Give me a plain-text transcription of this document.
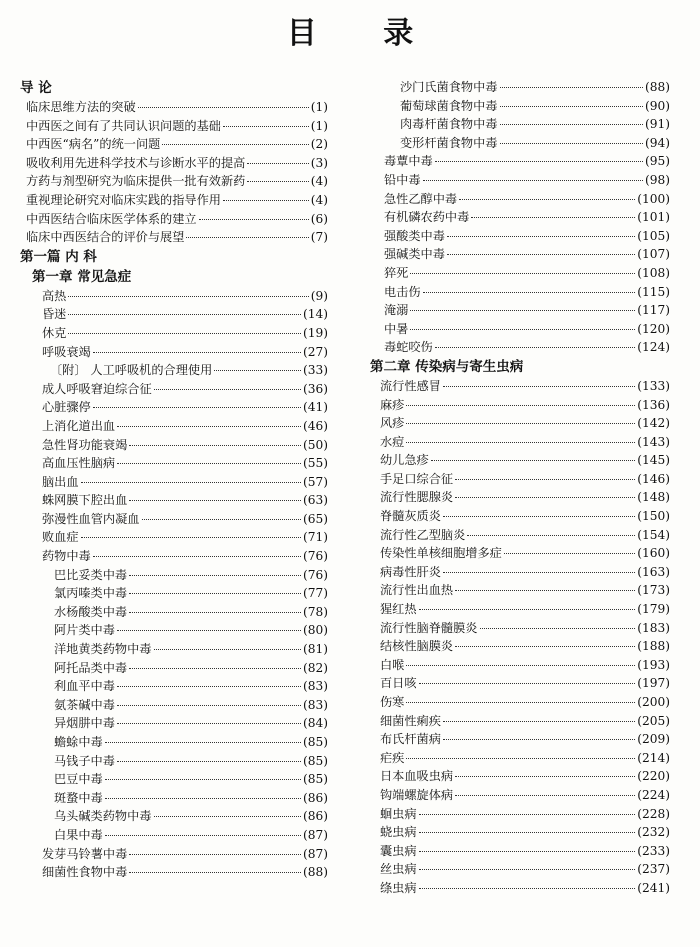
目 录
导 论
临床思维方法的突破	(1)
中西医之间有了共同认识问题的基础	(1)
中西医“病名”的统一问题	(2)
吸收利用先进科学技术与诊断水平的提高	(3)
方药与剂型研究为临床提供一批有效新药	(4)
重视理论研究对临床实践的指导作用	(4)
中西医结合临床医学体系的建立	(6)
临床中西医结合的评价与展望	(7)
第一篇 内 科
第一章 常见急症
高热	(9)
昏迷	(14)
休克	(19)
呼吸衰竭	(27)
〔附〕 人工呼吸机的合理使用	(33)
成人呼吸窘迫综合征	(36)
心脏骤停	(41)
上消化道出血	(46)
急性肾功能衰竭	(50)
高血压性脑病	(55)
脑出血	(57)
蛛网膜下腔出血	(63)
弥漫性血管内凝血	(65)
败血症	(71)
药物中毒	(76)
巴比妥类中毒	(76)
氯丙嗪类中毒	(77)
水杨酸类中毒	(78)
阿片类中毒	(80)
洋地黄类药物中毒	(81)
阿托品类中毒	(82)
利血平中毒	(83)
氨茶碱中毒	(83)
异烟肼中毒	(84)
蟾蜍中毒	(85)
马钱子中毒	(85)
巴豆中毒	(85)
斑蝥中毒	(86)
乌头碱类药物中毒	(86)
白果中毒	(87)
发芽马铃薯中毒	(87)
细菌性食物中毒	(88)
沙门氏菌食物中毒	(88)
葡萄球菌食物中毒	(90)
肉毒杆菌食物中毒	(91)
变形杆菌食物中毒	(94)
毒蕈中毒	(95)
铅中毒	(98)
急性乙醇中毒	(100)
有机磷农药中毒	(101)
强酸类中毒	(105)
强碱类中毒	(107)
猝死	(108)
电击伤	(115)
淹溺	(117)
中暑	(120)
毒蛇咬伤	(124)
第二章 传染病与寄生虫病
流行性感冒	(133)
麻疹	(136)
风疹	(142)
水痘	(143)
幼儿急疹	(145)
手足口综合征	(146)
流行性腮腺炎	(148)
脊髓灰质炎	(150)
流行性乙型脑炎	(154)
传染性单核细胞增多症	(160)
病毒性肝炎	(163)
流行性出血热	(173)
猩红热	(179)
流行性脑脊髓膜炎	(183)
结核性脑膜炎	(188)
白喉	(193)
百日咳	(197)
伤寒	(200)
细菌性痢疾	(205)
布氏杆菌病	(209)
疟疾	(214)
日本血吸虫病	(220)
钩端螺旋体病	(224)
蛔虫病	(228)
蛲虫病	(232)
囊虫病	(233)
丝虫病	(237)
绦虫病	(241)
